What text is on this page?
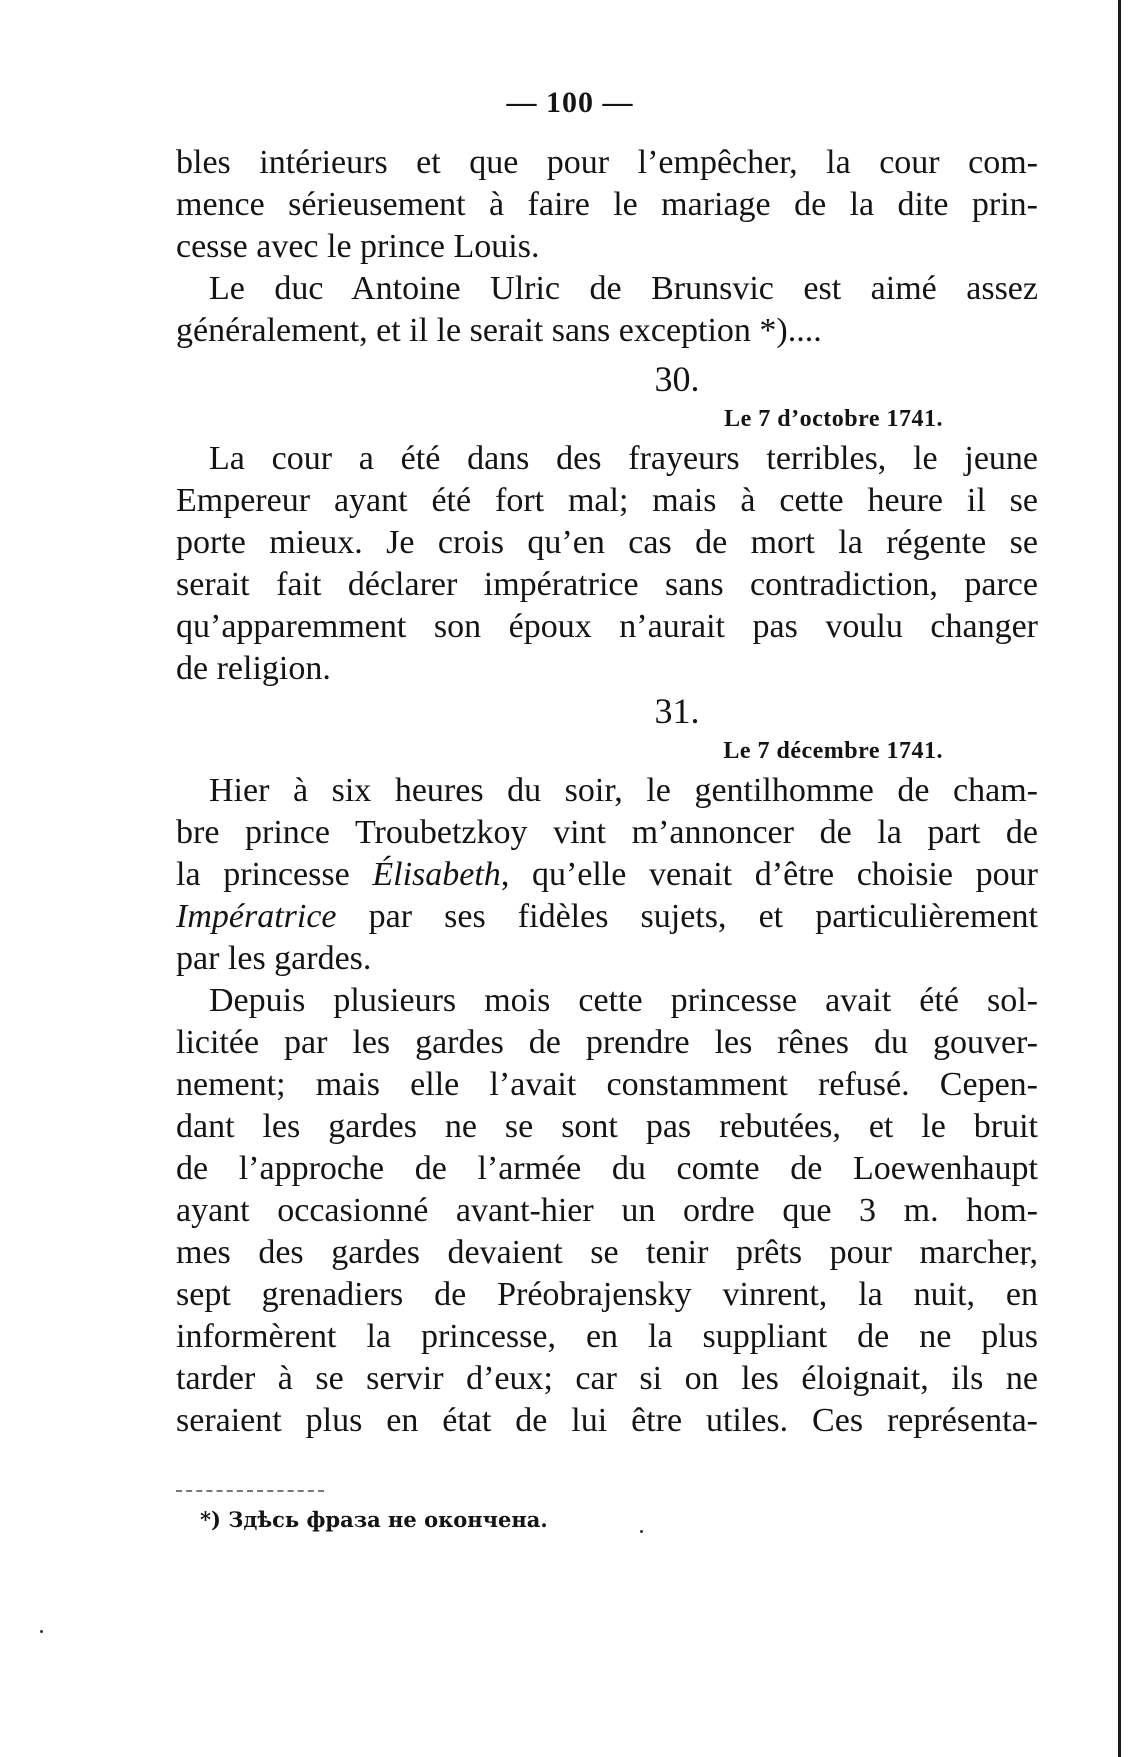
— 100 —
bles intérieurs et que pour l’empêcher, la cour com-
mence sérieusement à faire le mariage de la dite prin-
cesse avec le prince Louis.
Le duc Antoine Ulric de Brunsvic est aimé assez
généralement, et il le serait sans exception *)....
30.
Le 7 d’octobre 1741.
La cour a été dans des frayeurs terribles, le jeune
Empereur ayant été fort mal; mais à cette heure il se
porte mieux. Je crois qu’en cas de mort la régente se
serait fait déclarer impératrice sans contradiction, parce
qu’apparemment son époux n’aurait pas voulu changer
de religion.
31.
Le 7 décembre 1741.
Hier à six heures du soir, le gentilhomme de cham-
bre prince Troubetzkoy vint m’annoncer de la part de
la princesse Élisabeth, qu’elle venait d’être choisie pour
Impératrice par ses fidèles sujets, et particulièrement
par les gardes.
Depuis plusieurs mois cette princesse avait été sol-
licitée par les gardes de prendre les rênes du gouver-
nement; mais elle l’avait constamment refusé. Cepen-
dant les gardes ne se sont pas rebutées, et le bruit
de l’approche de l’armée du comte de Loewenhaupt
ayant occasionné avant-hier un ordre que 3 m. hom-
mes des gardes devaient se tenir prêts pour marcher,
sept grenadiers de Préobrajensky vinrent, la nuit, en
informèrent la princesse, en la suppliant de ne plus
tarder à se servir d’eux; car si on les éloignait, ils ne
seraient plus en état de lui être utiles. Ces représenta-
*) Здѣсь фраза не окончена.
